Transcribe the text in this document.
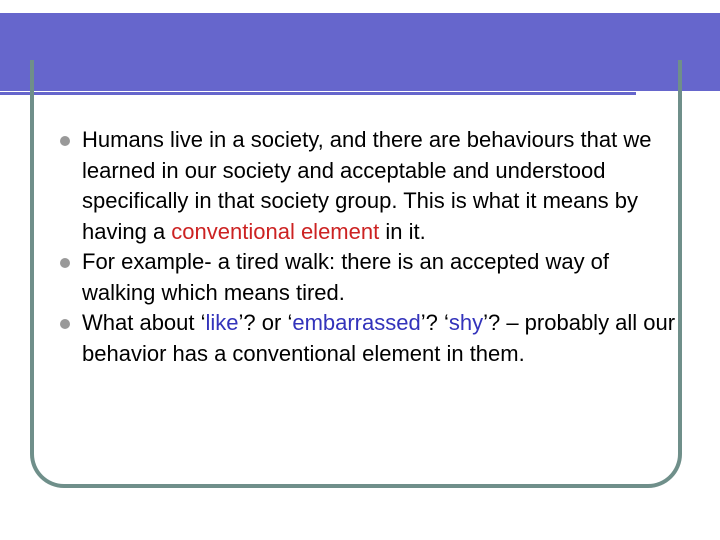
Humans live in a society, and there are behaviours that we learned in our society and acceptable and understood specifically in that society group. This is what it means by having a conventional element in it.

For example- a tired walk: there is an accepted way of walking which means tired.

What about ‘like’? or ‘embarrassed’? ‘shy’? – probably all our behavior has a conventional element in them.
